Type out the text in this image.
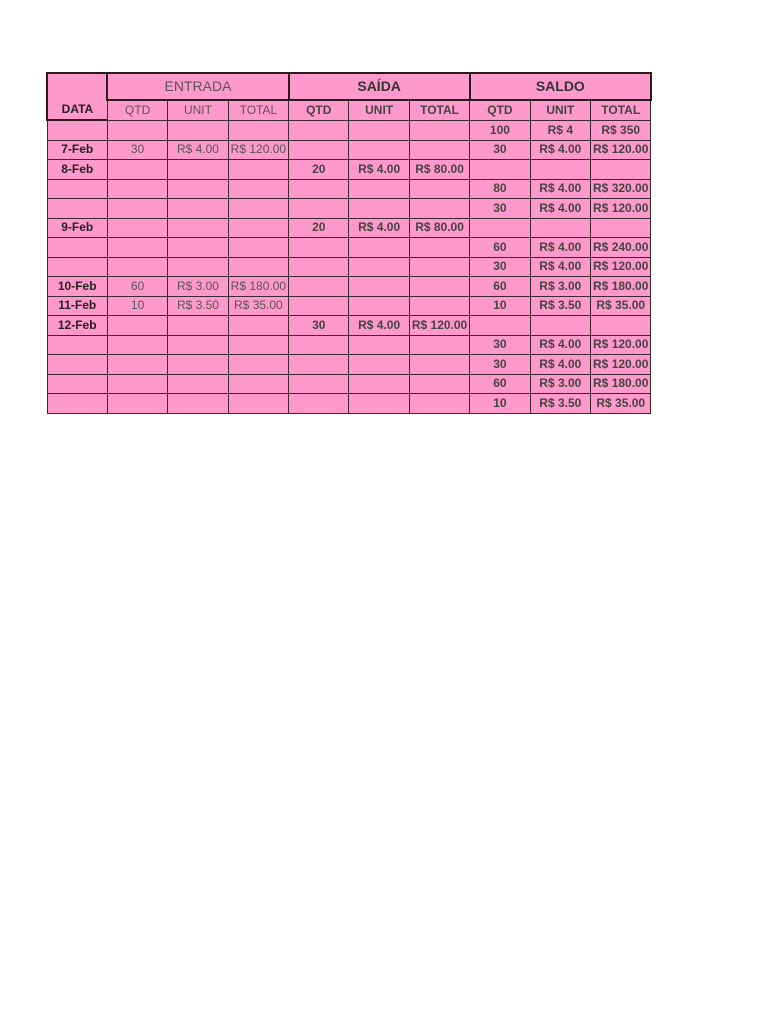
	ENTRADA			SAÍDA			SALDO		
DATA	QTD	UNIT	TOTAL	QTD	UNIT	TOTAL	QTD	UNIT	TOTAL
							100	R$ 4	R$ 350
7-Feb	30	R$ 4.00	R$ 120.00				30	R$ 4.00	R$ 120.00
8-Feb				20	R$ 4.00	R$ 80.00			
							80	R$ 4.00	R$ 320.00
							30	R$ 4.00	R$ 120.00
9-Feb				20	R$ 4.00	R$ 80.00			
							60	R$ 4.00	R$ 240.00
							30	R$ 4.00	R$ 120.00
10-Feb	60	R$ 3.00	R$ 180.00				60	R$ 3.00	R$ 180.00
11-Feb	10	R$ 3.50	R$ 35.00				10	R$ 3.50	R$ 35.00
12-Feb				30	R$ 4.00	R$ 120.00			
							30	R$ 4.00	R$ 120.00
							30	R$ 4.00	R$ 120.00
							60	R$ 3.00	R$ 180.00
							10	R$ 3.50	R$ 35.00
